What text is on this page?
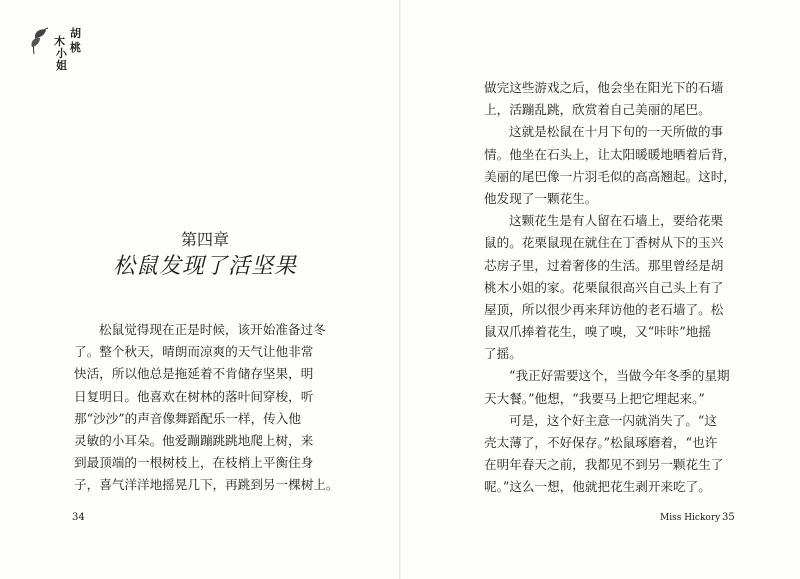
胡
桃
木
小
姐
第四章
松鼠发现了活坚果
松鼠觉得现在正是时候，该开始准备过冬
了。整个秋天，晴朗而凉爽的天气让他非常
快活，所以他总是拖延着不肯储存坚果，明
日复明日。他喜欢在树林的落叶间穿梭，听
那“沙沙”的声音像舞蹈配乐一样，传入他
灵敏的小耳朵。他爱蹦蹦跳跳地爬上树，来
到最顶端的一根树枝上，在枝梢上平衡住身
子，喜气洋洋地摇晃几下，再跳到另一棵树上。
34
做完这些游戏之后，他会坐在阳光下的石墙
上，活蹦乱跳，欣赏着自己美丽的尾巴。
这就是松鼠在十月下旬的一天所做的事
情。他坐在石头上，让太阳暖暖地晒着后背，
美丽的尾巴像一片羽毛似的高高翘起。这时，
他发现了一颗花生。
这颗花生是有人留在石墙上，要给花栗
鼠的。花栗鼠现在就住在丁香树从下的玉兴
芯房子里，过着奢侈的生活。那里曾经是胡
桃木小姐的家。花栗鼠很高兴自己头上有了
屋顶，所以很少再来拜访他的老石墙了。松
鼠双爪捧着花生，嗅了嗅，又“咔咔”地摇
了摇。
“我正好需要这个，当做今年冬季的星期
天大餐。”他想，“我要马上把它埋起来。”
可是，这个好主意一闪就消失了。“这
壳太薄了，不好保存。”松鼠琢磨着，“也许
在明年春天之前，我都见不到另一颗花生了
呢。”这么一想，他就把花生剥开来吃了。
Miss Hickory 35
